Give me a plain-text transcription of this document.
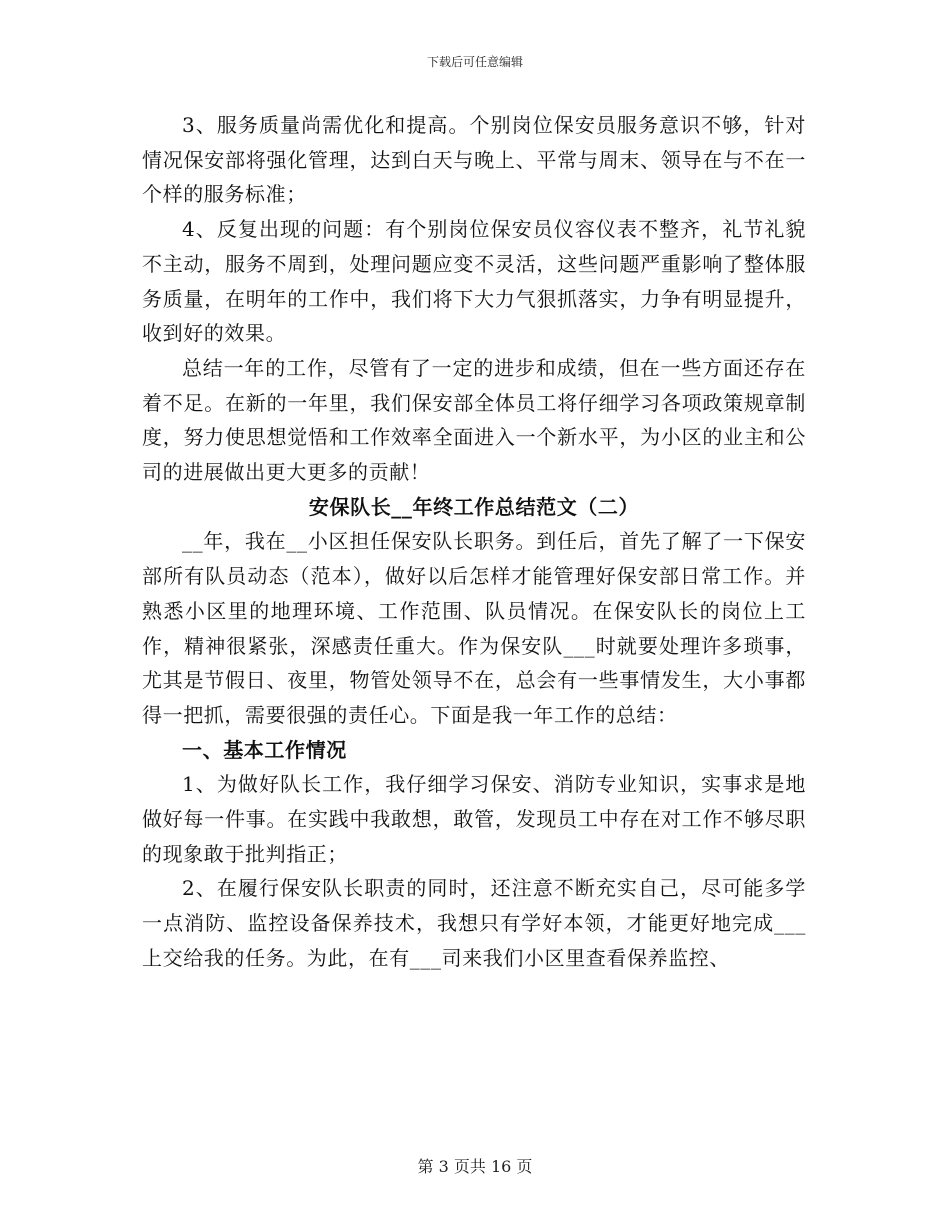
下载后可任意编辑

3、服务质量尚需优化和提高。个别岗位保安员服务意识不够，针对情况保安部将强化管理，达到白天与晚上、平常与周末、领导在与不在一个样的服务标准；

4、反复出现的问题：有个别岗位保安员仪容仪表不整齐，礼节礼貌不主动，服务不周到，处理问题应变不灵活，这些问题严重影响了整体服务质量，在明年的工作中，我们将下大力气狠抓落实，力争有明显提升，收到好的效果。

总结一年的工作，尽管有了一定的进步和成绩，但在一些方面还存在着不足。在新的一年里，我们保安部全体员工将仔细学习各项政策规章制度，努力使思想觉悟和工作效率全面进入一个新水平，为小区的业主和公司的进展做出更大更多的贡献！

安保队长__年终工作总结范文（二）

__年，我在__小区担任保安队长职务。到任后，首先了解了一下保安部所有队员动态（范本），做好以后怎样才能管理好保安部日常工作。并熟悉小区里的地理环境、工作范围、队员情况。在保安队长的岗位上工作，精神很紧张，深感责任重大。作为保安队___时就要处理许多琐事，尤其是节假日、夜里，物管处领导不在，总会有一些事情发生，大小事都得一把抓，需要很强的责任心。下面是我一年工作的总结：

一、基本工作情况

1、为做好队长工作，我仔细学习保安、消防专业知识，实事求是地做好每一件事。在实践中我敢想，敢管，发现员工中存在对工作不够尽职的现象敢于批判指正；

2、在履行保安队长职责的同时，还注意不断充实自己，尽可能多学一点消防、监控设备保养技术，我想只有学好本领，才能更好地完成___上交给我的任务。为此，在有___司来我们小区里查看保养监控、

第 3 页共 16 页
